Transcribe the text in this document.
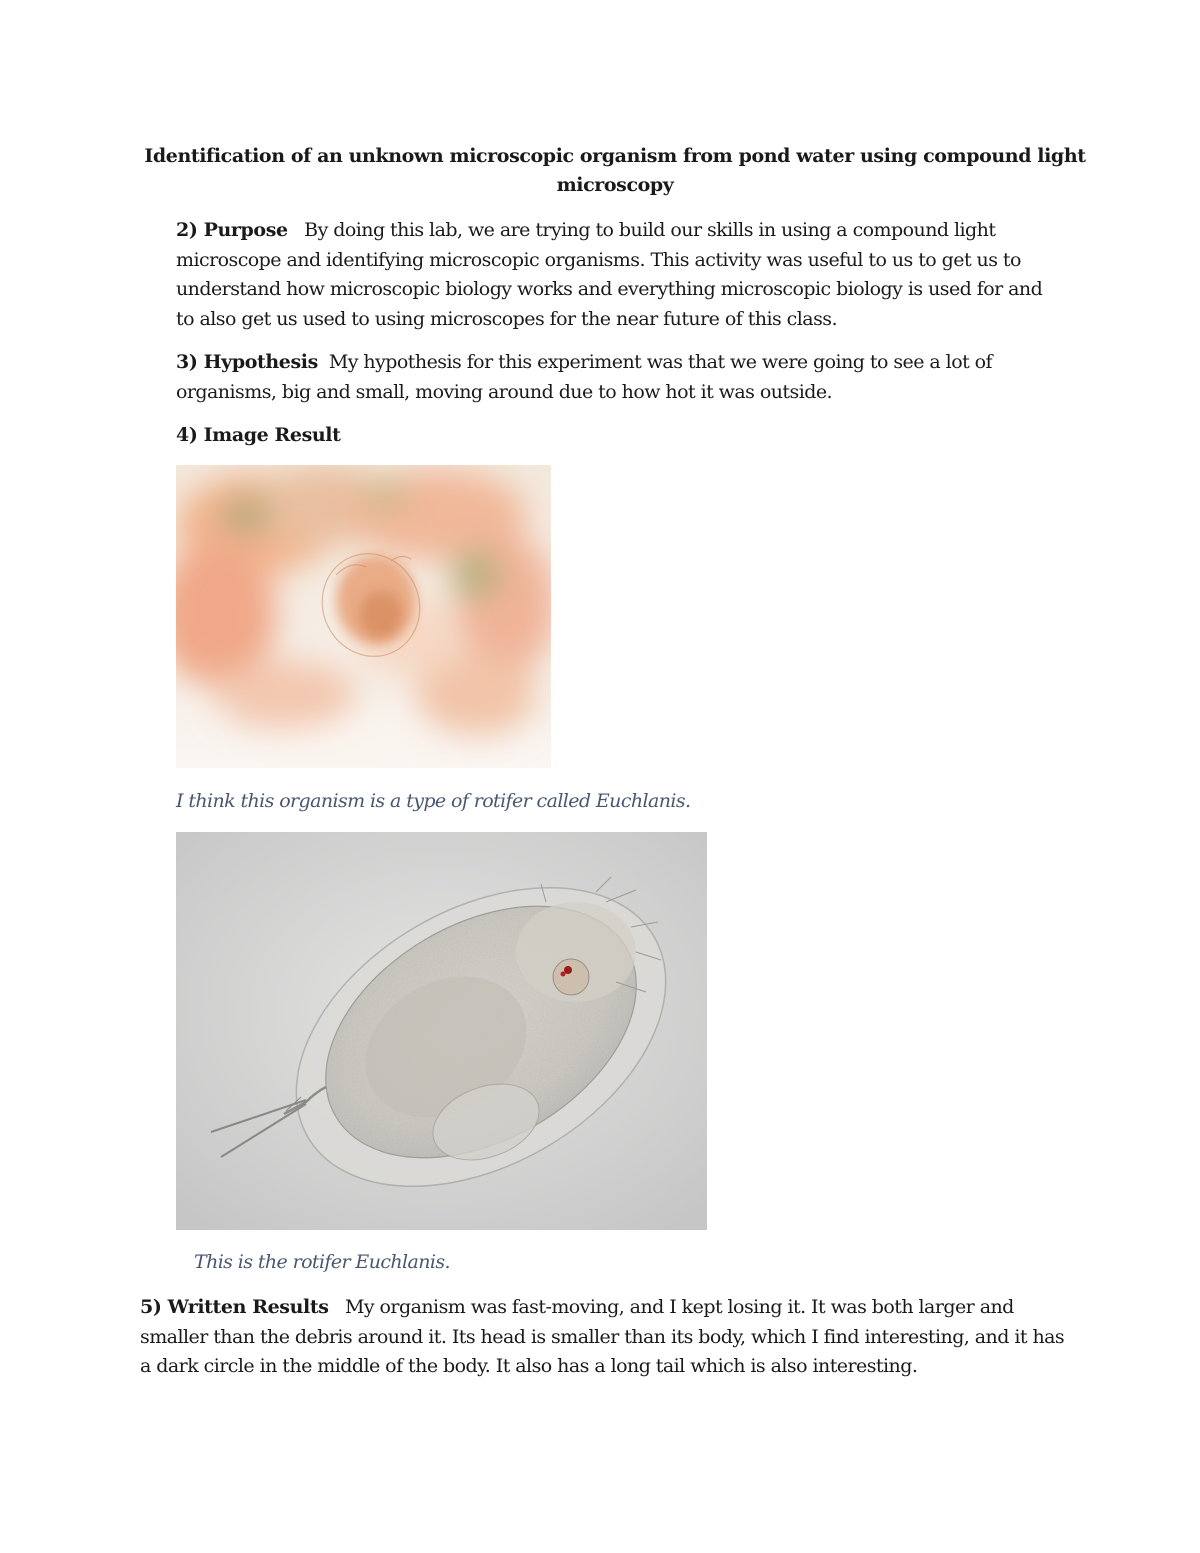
Identification of an unknown microscopic organism from pond water using compound light microscopy
2) Purpose By doing this lab, we are trying to build our skills in using a compound light microscope and identifying microscopic organisms. This activity was useful to us to get us to understand how microscopic biology works and everything microscopic biology is used for and to also get us used to using microscopes for the near future of this class.
3) Hypothesis My hypothesis for this experiment was that we were going to see a lot of organisms, big and small, moving around due to how hot it was outside.
4) Image Result
I think this organism is a type of rotifer called Euchlanis.
This is the rotifer Euchlanis.
5) Written Results My organism was fast-moving, and I kept losing it. It was both larger and smaller than the debris around it. Its head is smaller than its body, which I find interesting, and it has a dark circle in the middle of the body. It also has a long tail which is also interesting.
